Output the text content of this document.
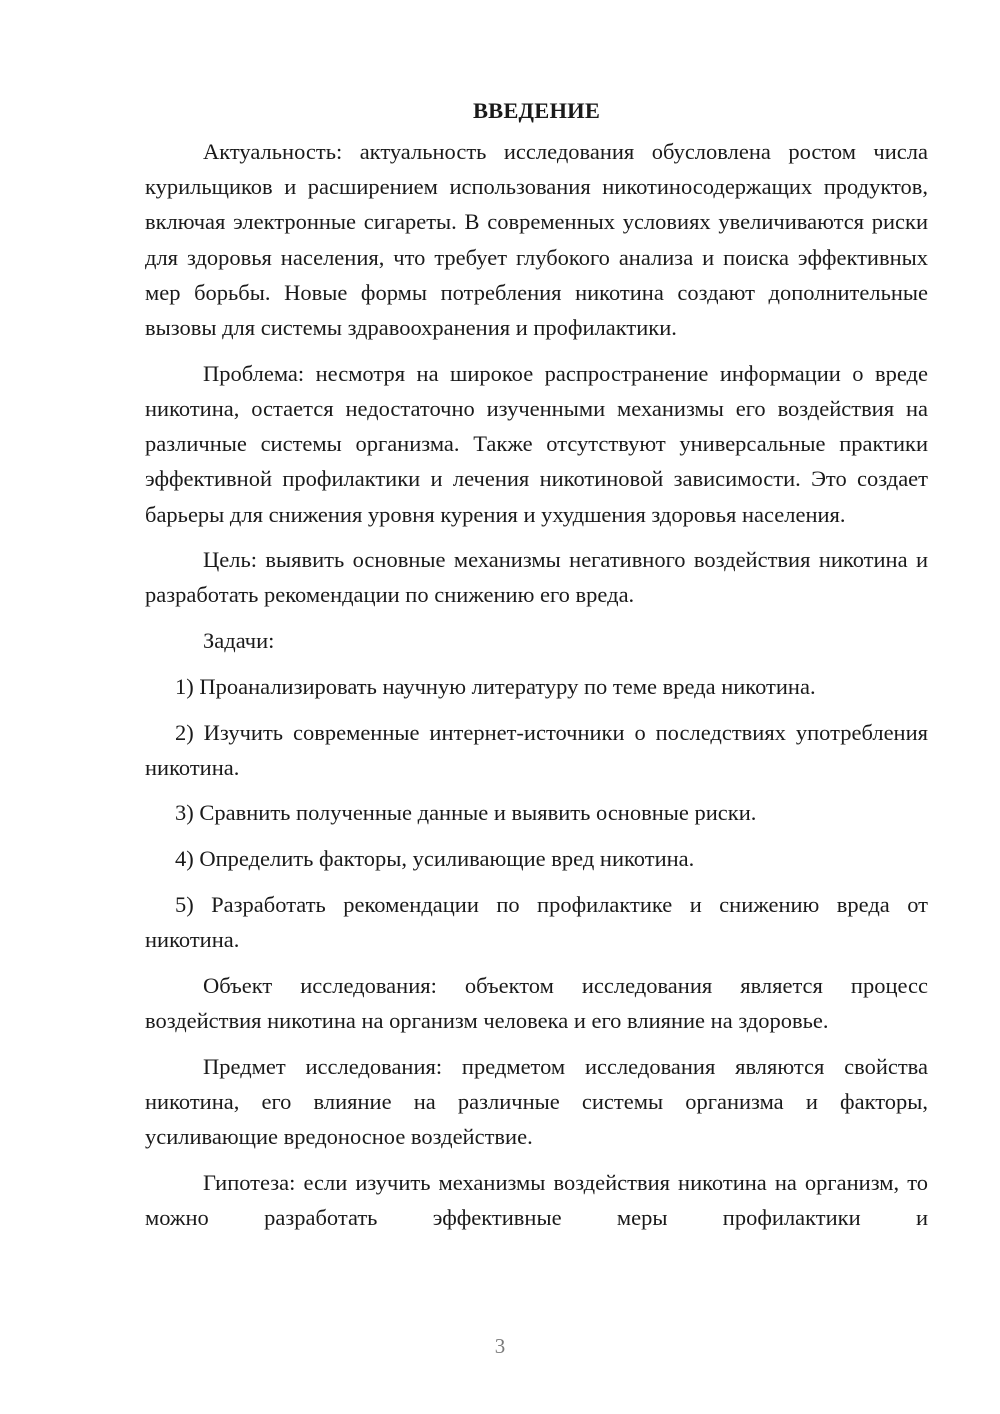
ВВЕДЕНИЕ

Актуальность: актуальность исследования обусловлена ростом числа курильщиков и расширением использования никотиносодержащих продуктов, включая электронные сигареты. В современных условиях увеличиваются риски для здоровья населения, что требует глубокого анализа и поиска эффективных мер борьбы. Новые формы потребления никотина создают дополнительные вызовы для системы здравоохранения и профилактики.

Проблема: несмотря на широкое распространение информации о вреде никотина, остается недостаточно изученными механизмы его воздействия на различные системы организма. Также отсутствуют универсальные практики эффективной профилактики и лечения никотиновой зависимости. Это создает барьеры для снижения уровня курения и ухудшения здоровья населения.

Цель: выявить основные механизмы негативного воздействия никотина и разработать рекомендации по снижению его вреда.

Задачи:

1) Проанализировать научную литературу по теме вреда никотина.

2) Изучить современные интернет-источники о последствиях употребления никотина.

3) Сравнить полученные данные и выявить основные риски.

4) Определить факторы, усиливающие вред никотина.

5) Разработать рекомендации по профилактике и снижению вреда от никотина.

Объект исследования: объектом исследования является процесс воздействия никотина на организм человека и его влияние на здоровье.

Предмет исследования: предметом исследования являются свойства никотина, его влияние на различные системы организма и факторы, усиливающие вредоносное воздействие.

Гипотеза: если изучить механизмы воздействия никотина на организм, то можно разработать эффективные меры профилактики и

3
